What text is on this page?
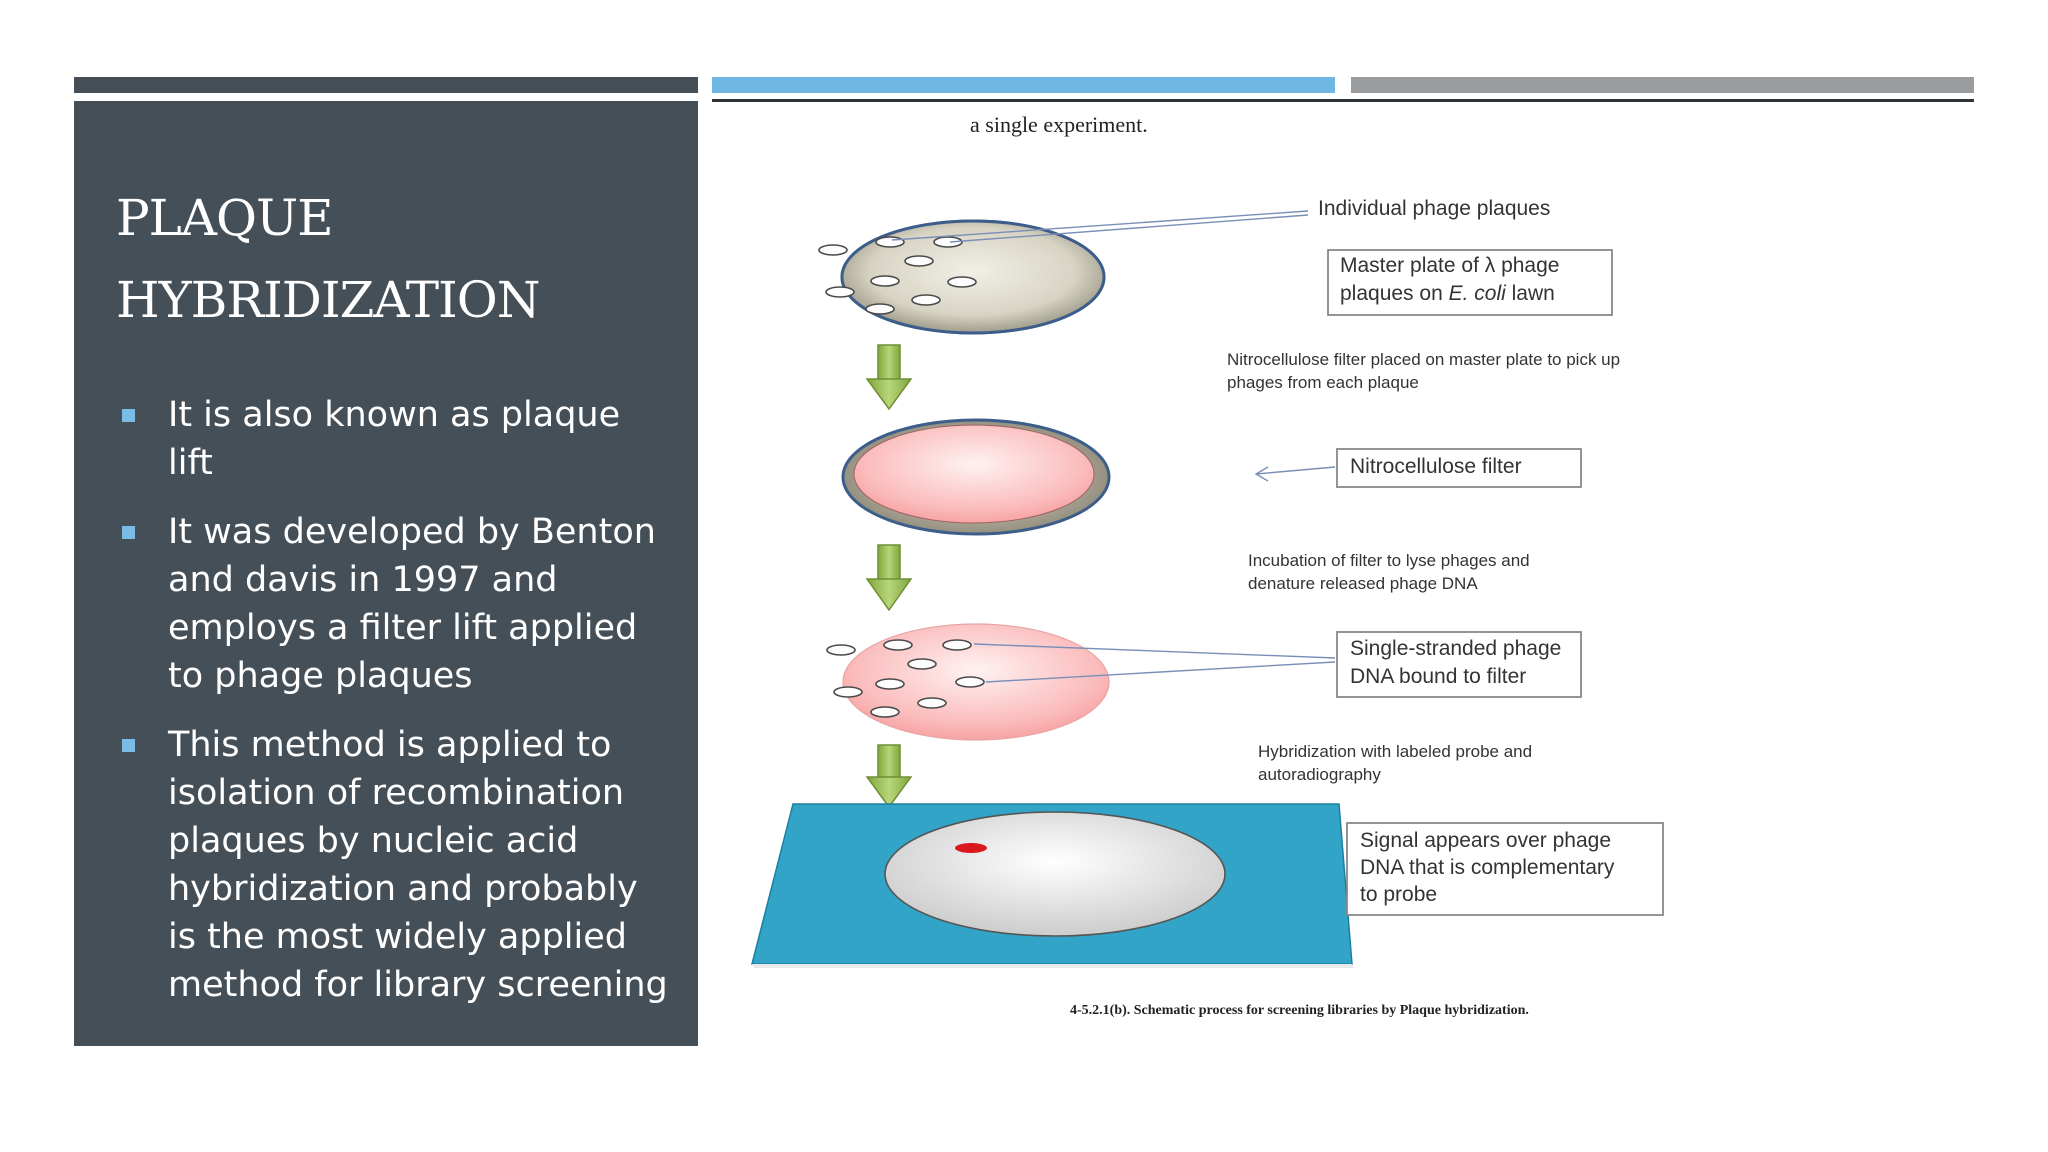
PLAQUE
HYBRIDIZATION
It is also known as plaque lift
It was developed by Benton and davis in 1997 and employs a filter lift applied to phage plaques
This method is applied to isolation of recombination plaques by nucleic acid hybridization and probably is the most widely applied method for library screening
a single experiment.
Individual phage plaques
Master plate of λ phage
plaques on E. coli lawn
Nitrocellulose filter placed on master plate to pick up
phages from each plaque
Nitrocellulose filter
Incubation of filter to lyse phages and
denature released phage DNA
Single-stranded phage
DNA bound to filter
Hybridization with labeled probe and
autoradiography
Signal appears over phage
DNA that is complementary
to probe
4-5.2.1(b). Schematic process for screening libraries by Plaque hybridization.
